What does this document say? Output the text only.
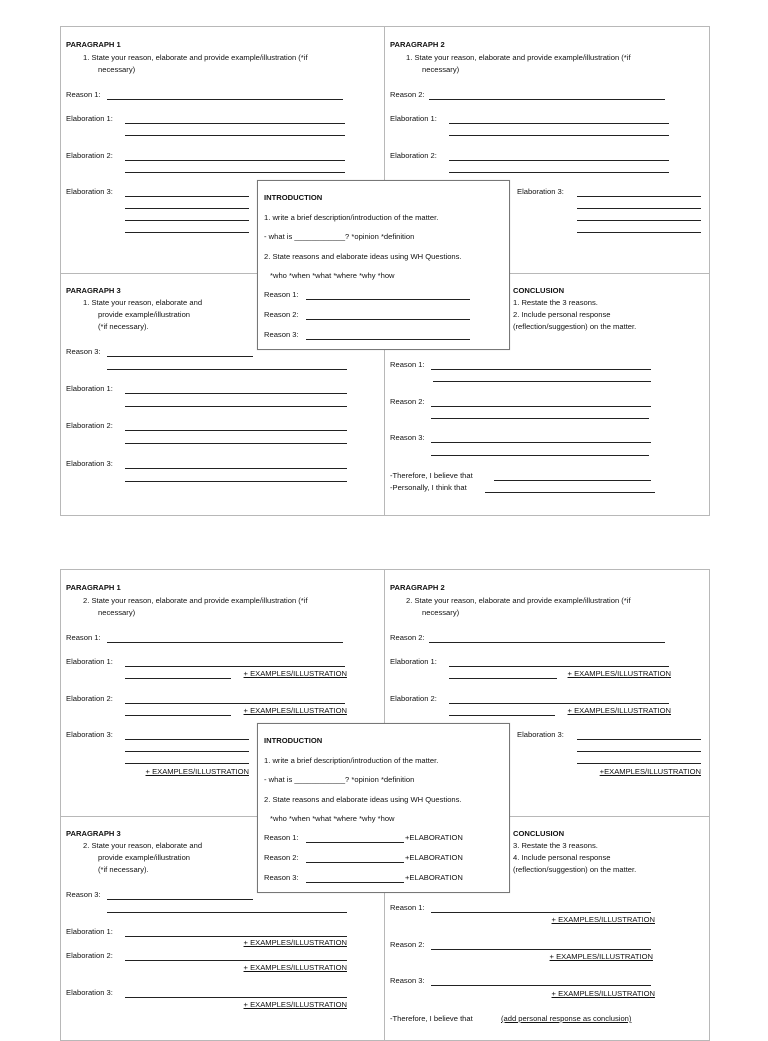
PARAGRAPH 1
1. State your reason, elaborate and provide example/illustration (*if
necessary)
Reason 1:
Elaboration 1:
Elaboration 2:
Elaboration 3:
PARAGRAPH 2
1. State your reason, elaborate and provide example/illustration (*if
necessary)
Reason 2:
Elaboration 1:
Elaboration 2:
Elaboration 3:
PARAGRAPH 3
1. State your reason, elaborate and
provide example/illustration
(*if necessary).
Reason 3:
Elaboration 1:
Elaboration 2:
Elaboration 3:
CONCLUSION
1. Restate the 3 reasons.
2. Include personal response
(reflection/suggestion) on the matter.
Reason 1:
Reason 2:
Reason 3:
-Therefore, I believe that
-Personally, I think that
INTRODUCTION
1. write a brief description/introduction of the matter.
- what is ____________? *opinion *definition
2. State reasons and elaborate ideas using WH Questions.
*who *when *what *where *why *how
Reason 1:
Reason 2:
Reason 3:
PARAGRAPH 1
2. State your reason, elaborate and provide example/illustration (*if
necessary)
Reason 1:
Elaboration 1:
+ EXAMPLES/ILLUSTRATION
Elaboration 2:
+ EXAMPLES/ILLUSTRATION
Elaboration 3:
+ EXAMPLES/ILLUSTRATION
PARAGRAPH 2
2. State your reason, elaborate and provide example/illustration (*if
necessary)
Reason 2:
Elaboration 1:
+ EXAMPLES/ILLUSTRATION
Elaboration 2:
+ EXAMPLES/ILLUSTRATION
Elaboration 3:
+EXAMPLES/ILLUSTRATION
PARAGRAPH 3
2. State your reason, elaborate and
provide example/illustration
(*if necessary).
Reason 3:
Elaboration 1:
+ EXAMPLES/ILLUSTRATION
Elaboration 2:
+ EXAMPLES/ILLUSTRATION
Elaboration 3:
+ EXAMPLES/ILLUSTRATION
CONCLUSION
3. Restate the 3 reasons.
4. Include personal response
(reflection/suggestion) on the matter.
Reason 1:
+ EXAMPLES/ILLUSTRATION
Reason 2:
+ EXAMPLES/ILLUSTRATION
Reason 3:
+ EXAMPLES/ILLUSTRATION
-Therefore, I believe that	(add personal response as conclusion)
INTRODUCTION
1. write a brief description/introduction of the matter.
- what is ____________? *opinion *definition
2. State reasons and elaborate ideas using WH Questions.
*who *when *what *where *why *how
Reason 1:	+ELABORATION
Reason 2:	+ELABORATION
Reason 3:	+ELABORATION
